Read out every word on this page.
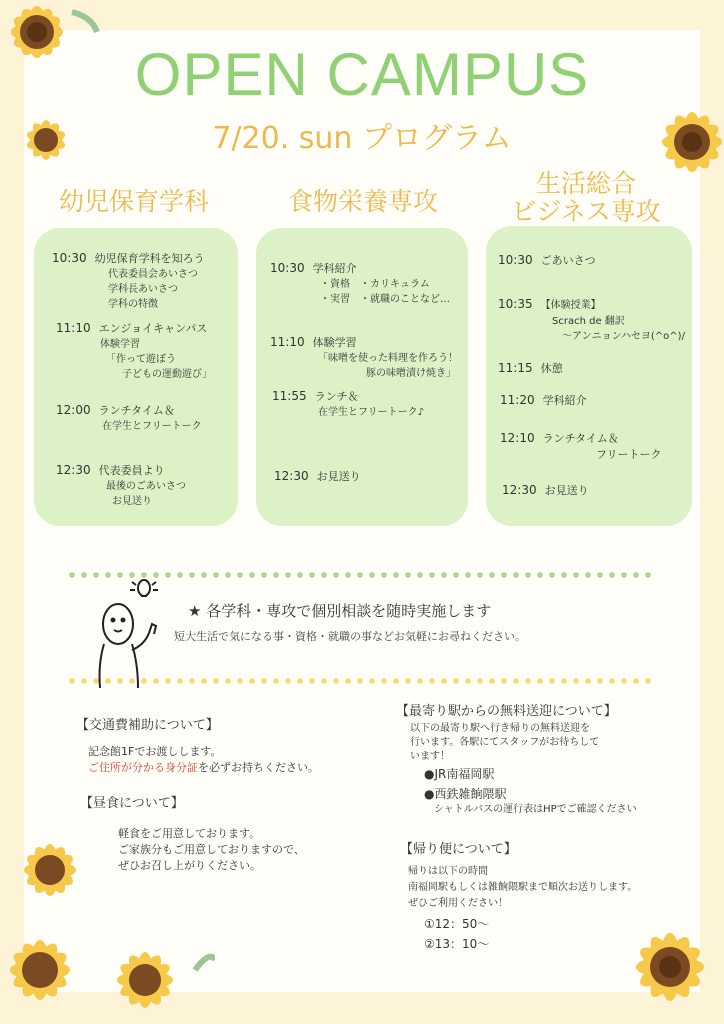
OPEN CAMPUS
7/20. sun プログラム
幼児保育学科	食物栄養専攻
生活総合
ビジネス専攻
10:30 幼児保育学科を知ろう
代表委員会あいさつ
学科長あいさつ
学科の特徴
11:10 エンジョイキャンパス
体験学習
「作って遊ぼう
子どもの運動遊び」
12:00 ランチタイム＆
在学生とフリートーク
12:30 代表委員より
最後のごあいさつ
お見送り
10:30 学科紹介
・資格　・カリキュラム
・実習　・就職のことなど…
11:10 体験学習
「味噌を使った料理を作ろう！
豚の味噌漬け焼き」
11:55 ランチ＆
在学生とフリートーク♪
12:30 お見送り
10:30 ごあいさつ
10:35 【体験授業】
Scrach de 翻訳
～アンニョンハセヨ(^o^)/
11:15 休憩
11:20 学科紹介
12:10 ランチタイム＆
フリートーク
12:30 お見送り
★ 各学科・専攻で個別相談を随時実施します
短大生活で気になる事・資格・就職の事などお気軽にお尋ねください。
【交通費補助について】
記念館1Fでお渡しします。
ご住所が分かる身分証を必ずお持ちください。
【昼食について】
軽食をご用意しております。
ご家族分もご用意しておりますので、
ぜひお召し上がりください。
【最寄り駅からの無料送迎について】
以下の最寄り駅へ行き帰りの無料送迎を
行います。各駅にてスタッフがお待ちして
います！
●JR南福岡駅
●西鉄雑餉隈駅
シャトルバスの運行表はHPでご確認ください
【帰り便について】
帰りは以下の時間
南福岡駅もしくは雑餉隈駅まで順次お送りします。
ぜひご利用ください！
①12：50～
②13：10～
